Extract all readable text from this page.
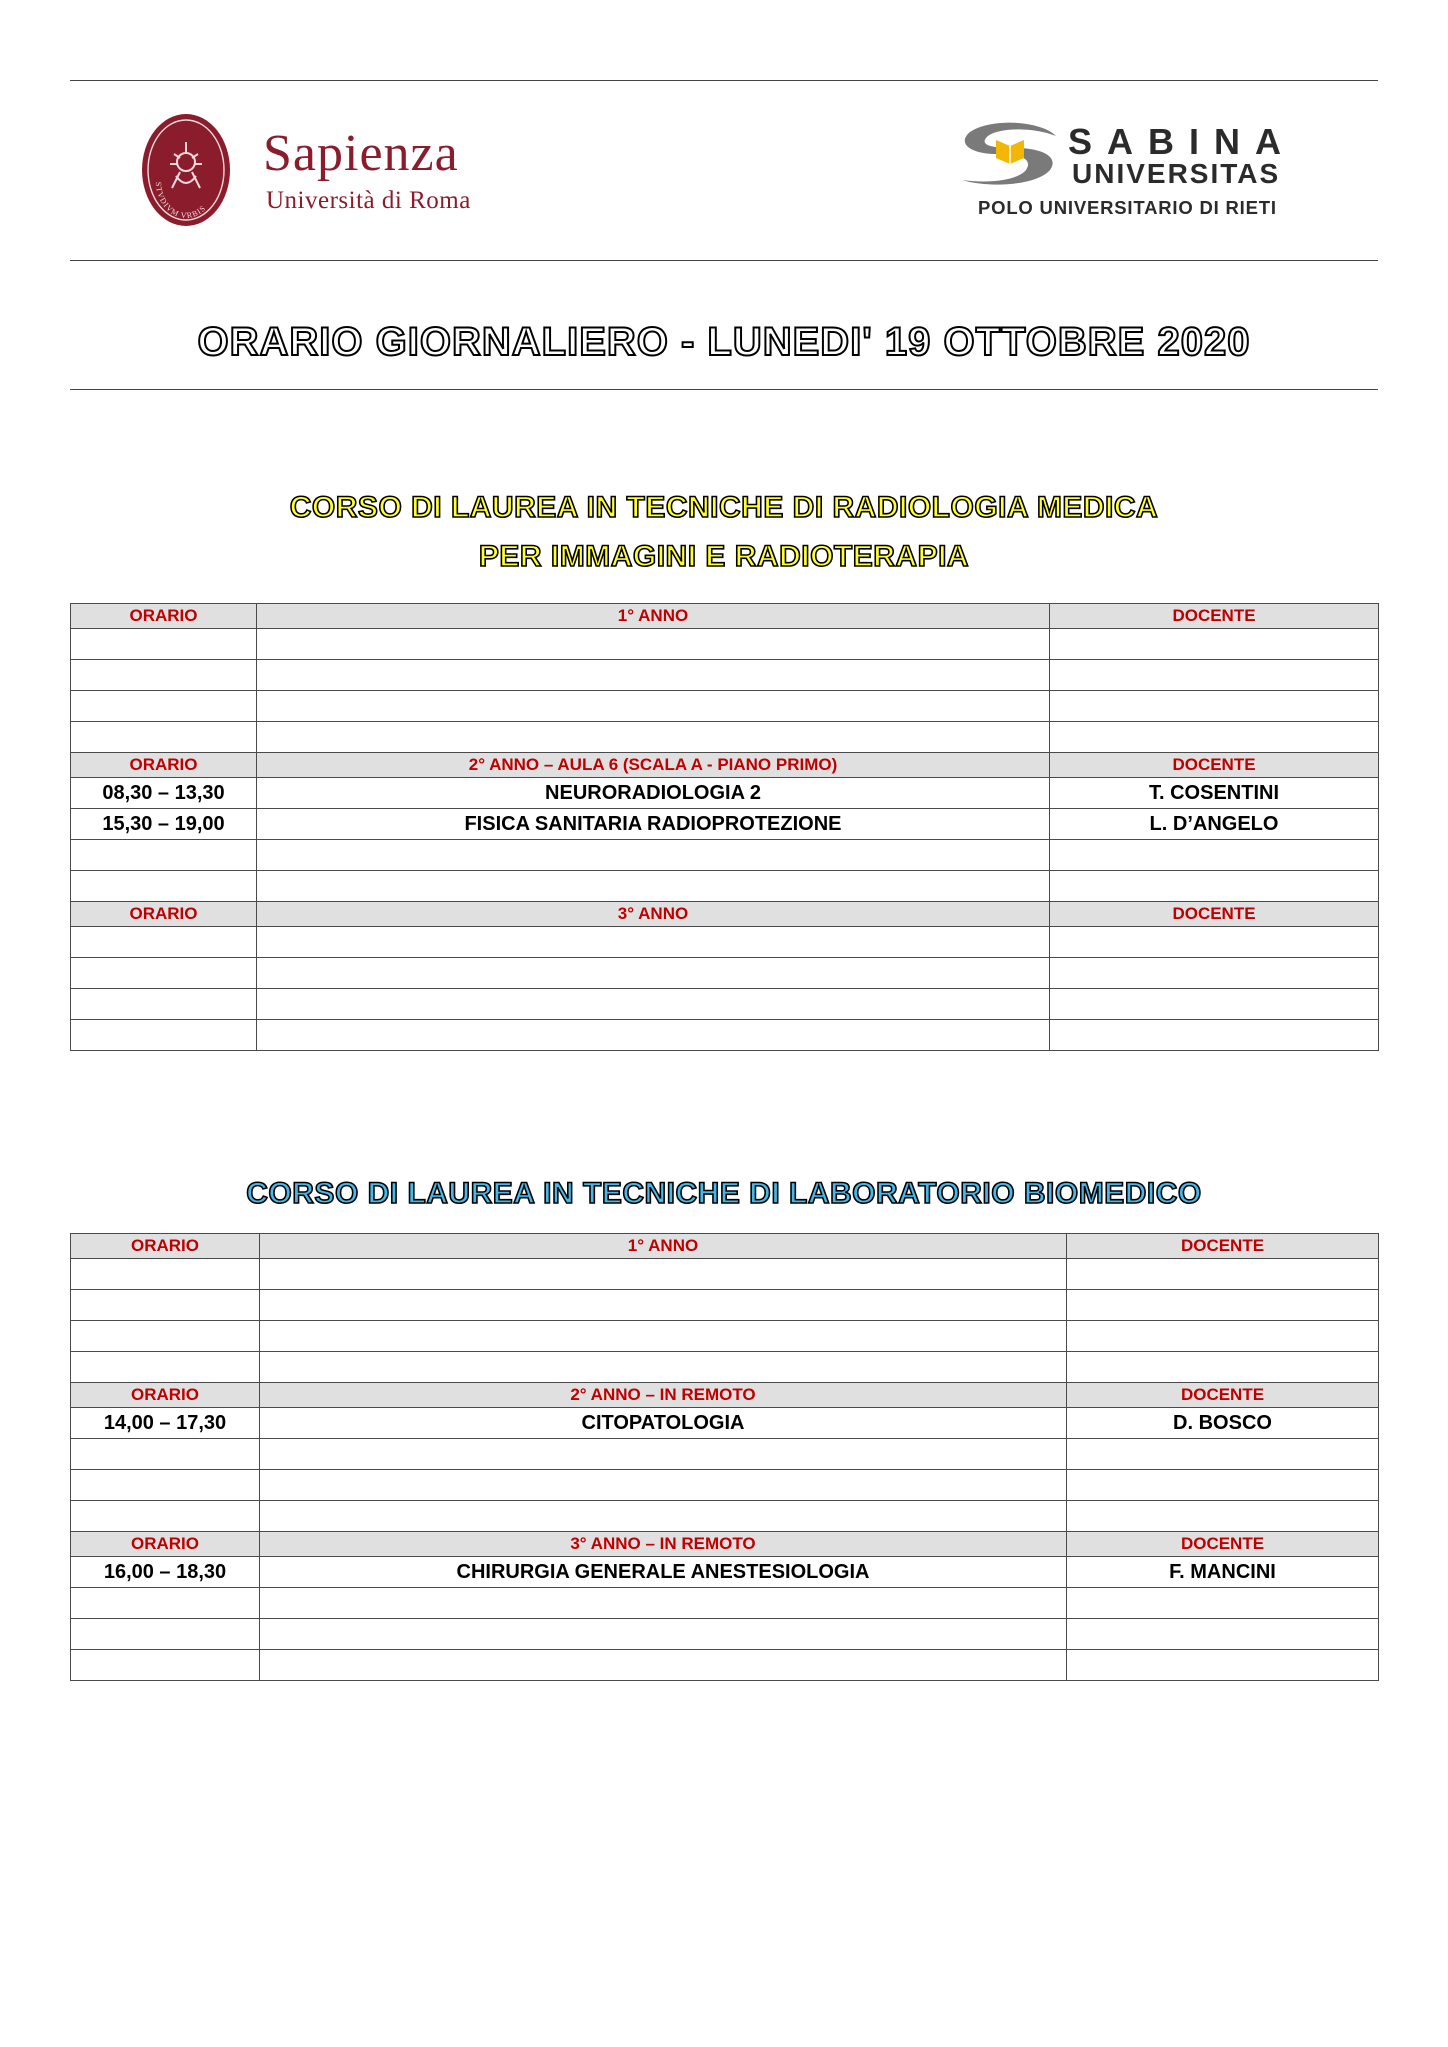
STVDIVM VRBIS
Sapienza
Università di Roma
SABINA
UNIVERSITAS
POLO UNIVERSITARIO DI RIETI
ORARIO GIORNALIERO - LUNEDI' 19 OTTOBRE 2020
CORSO DI LAUREA IN TECNICHE DI RADIOLOGIA MEDICA
PER IMMAGINI E RADIOTERAPIA
ORARIO	1° ANNO	DOCENTE

ORARIO	2° ANNO – AULA 6 (SCALA A - PIANO PRIMO)	DOCENTE
08,30 – 13,30	NEURORADIOLOGIA 2	T. COSENTINI
15,30 – 19,00	FISICA SANITARIA RADIOPROTEZIONE	L. D’ANGELO

ORARIO	3° ANNO	DOCENTE

CORSO DI LAUREA IN TECNICHE DI LABORATORIO BIOMEDICO
ORARIO	1° ANNO	DOCENTE

ORARIO	2° ANNO – IN REMOTO	DOCENTE
14,00 – 17,30	CITOPATOLOGIA	D. BOSCO

ORARIO	3° ANNO – IN REMOTO	DOCENTE
16,00 – 18,30	CHIRURGIA GENERALE ANESTESIOLOGIA	F. MANCINI
